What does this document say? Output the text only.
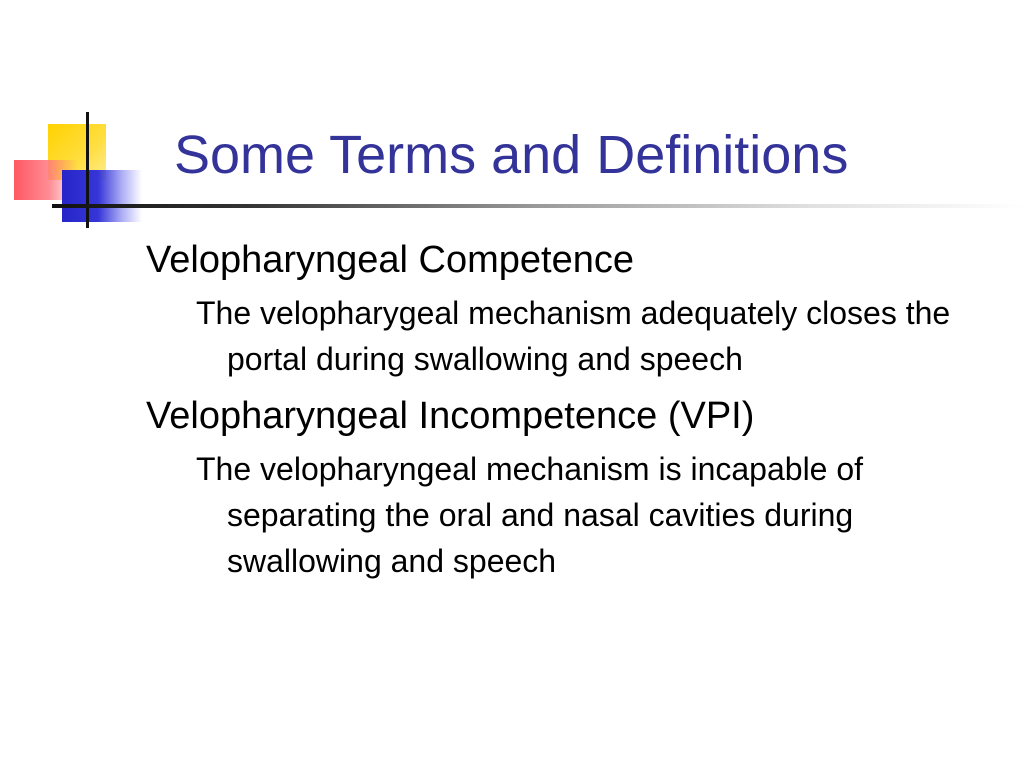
Some Terms and Definitions

Velopharyngeal Competence

The velopharygeal mechanism adequately closes the portal during swallowing and speech

Velopharyngeal Incompetence (VPI)

The velopharyngeal mechanism is incapable of separating the oral and nasal cavities during swallowing and speech
